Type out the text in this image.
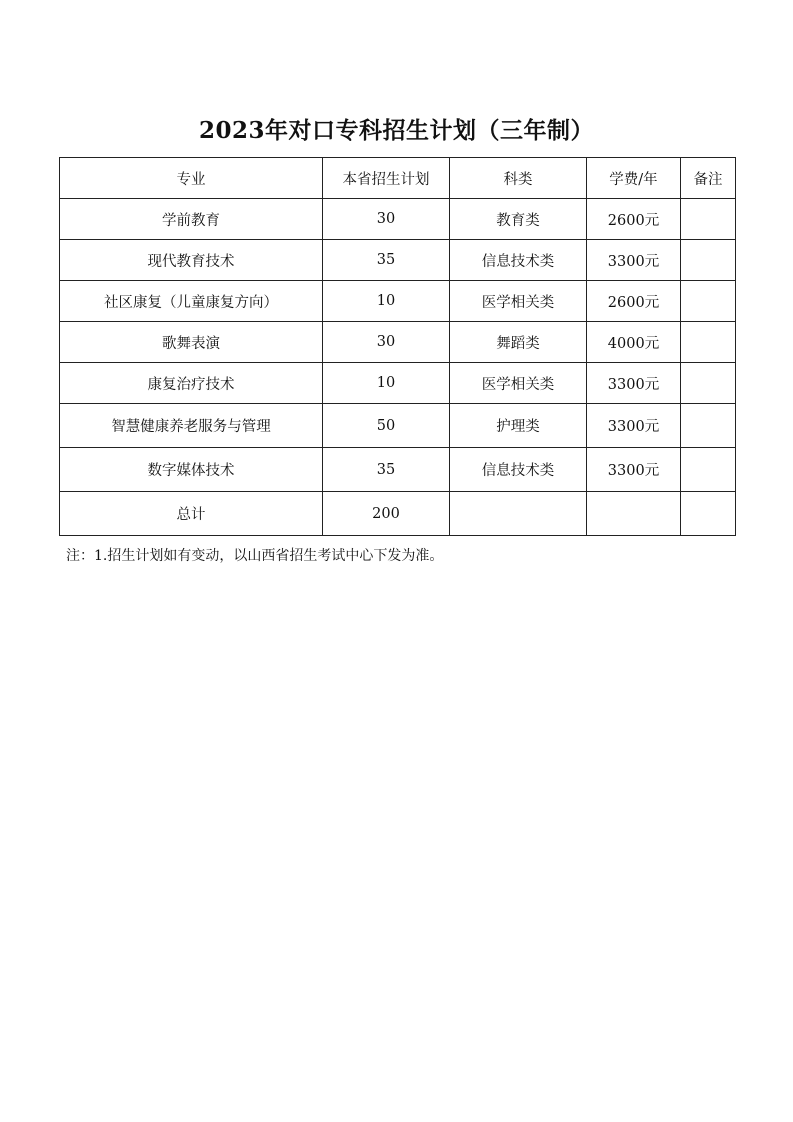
2023年对口专科招生计划（三年制）
专业	本省招生计划	科类	学费/年	备注
学前教育	30	教育类	2600元	
现代教育技术	35	信息技术类	3300元	
社区康复（儿童康复方向）	10	医学相关类	2600元	
歌舞表演	30	舞蹈类	4000元	
康复治疗技术	10	医学相关类	3300元	
智慧健康养老服务与管理	50	护理类	3300元	
数字媒体技术	35	信息技术类	3300元	
总计	200			
注：1.招生计划如有变动，以山西省招生考试中心下发为准。
